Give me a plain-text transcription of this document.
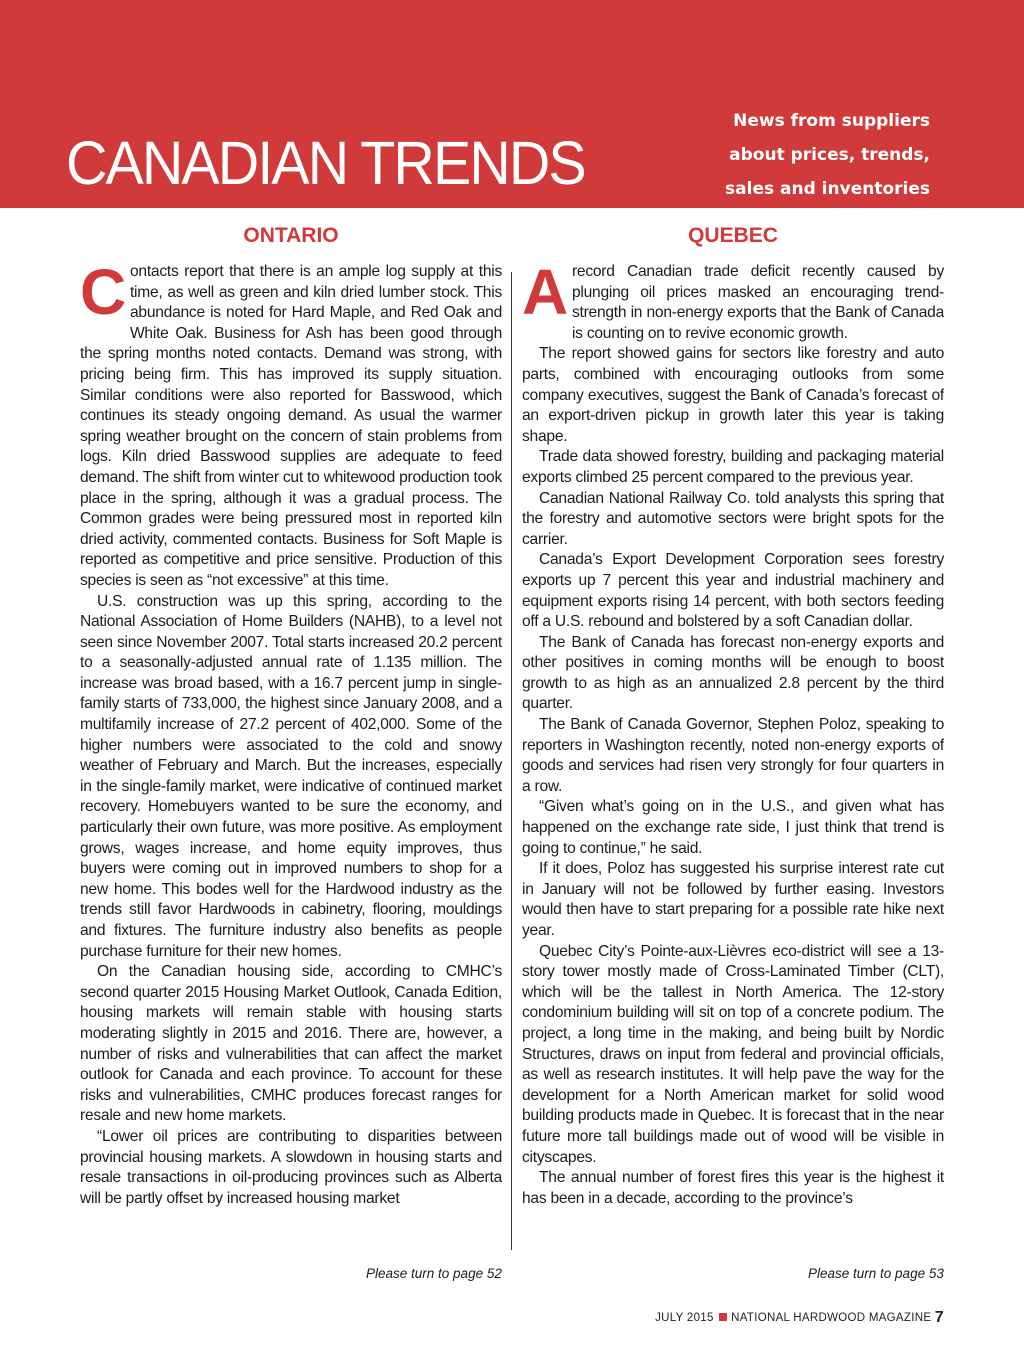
CANADIAN TRENDS
News from suppliers
about prices, trends,
sales and inventories
ONTARIO

Contacts report that there is an ample log supply at this time, as well as green and kiln dried lumber stock. This abundance is noted for Hard Maple, and Red Oak and White Oak. Business for Ash has been good through the spring months noted contacts. Demand was strong, with pricing being firm. This has improved its supply situation. Similar conditions were also reported for Basswood, which continues its steady ongoing demand. As usual the warmer spring weather brought on the concern of stain problems from logs. Kiln dried Basswood supplies are adequate to feed demand. The shift from winter cut to whitewood production took place in the spring, although it was a gradual process. The Common grades were being pressured most in reported kiln dried activity, commented contacts. Business for Soft Maple is reported as competitive and price sensitive. Production of this species is seen as “not excessive” at this time.

U.S. construction was up this spring, according to the National Association of Home Builders (NAHB), to a level not seen since November 2007. Total starts increased 20.2 percent to a seasonally-adjusted annual rate of 1.135 million. The increase was broad based, with a 16.7 percent jump in single-family starts of 733,000, the highest since January 2008, and a multifamily increase of 27.2 percent of 402,000. Some of the higher numbers were associated to the cold and snowy weather of February and March. But the increases, especially in the single-family market, were indicative of continued market recovery. Homebuyers wanted to be sure the economy, and particularly their own future, was more positive. As employment grows, wages increase, and home equity improves, thus buyers were coming out in improved numbers to shop for a new home. This bodes well for the Hardwood industry as the trends still favor Hardwoods in cabinetry, flooring, mouldings and fixtures. The furniture industry also benefits as people purchase furniture for their new homes.

On the Canadian housing side, according to CMHC’s second quarter 2015 Housing Market Outlook, Canada Edition, housing markets will remain stable with housing starts moderating slightly in 2015 and 2016. There are, however, a number of risks and vulnerabilities that can affect the market outlook for Canada and each province. To account for these risks and vulnerabilities, CMHC produces forecast ranges for resale and new home markets.

“Lower oil prices are contributing to disparities between provincial housing markets. A slowdown in housing starts and resale transactions in oil-producing provinces such as Alberta will be partly offset by increased housing market

QUEBEC

Arecord Canadian trade deficit recently caused by plunging oil prices masked an encouraging trend-strength in non-energy exports that the Bank of Canada is counting on to revive economic growth.

The report showed gains for sectors like forestry and auto parts, combined with encouraging outlooks from some company executives, suggest the Bank of Canada’s forecast of an export-driven pickup in growth later this year is taking shape.

Trade data showed forestry, building and packaging material exports climbed 25 percent compared to the previous year.

Canadian National Railway Co. told analysts this spring that the forestry and automotive sectors were bright spots for the carrier.

Canada’s Export Development Corporation sees forestry exports up 7 percent this year and industrial machinery and equipment exports rising 14 percent, with both sectors feeding off a U.S. rebound and bolstered by a soft Canadian dollar.

The Bank of Canada has forecast non-energy exports and other positives in coming months will be enough to boost growth to as high as an annualized 2.8 percent by the third quarter.

The Bank of Canada Governor, Stephen Poloz, speaking to reporters in Washington recently, noted non-energy exports of goods and services had risen very strongly for four quarters in a row.

“Given what’s going on in the U.S., and given what has happened on the exchange rate side, I just think that trend is going to continue,” he said.

If it does, Poloz has suggested his surprise interest rate cut in January will not be followed by further easing. Investors would then have to start preparing for a possible rate hike next year.

Quebec City’s Pointe-aux-Lièvres eco-district will see a 13-story tower mostly made of Cross-Laminated Timber (CLT), which will be the tallest in North America. The 12-story condominium building will sit on top of a concrete podium. The project, a long time in the making, and being built by Nordic Structures, draws on input from federal and provincial officials, as well as research institutes. It will help pave the way for the development for a North American market for solid wood building products made in Quebec. It is forecast that in the near future more tall buildings made out of wood will be visible in cityscapes.

The annual number of forest fires this year is the highest it has been in a decade, according to the province’s

Please turn to page 52	Please turn to page 53
JULY 2015 NATIONAL HARDWOOD MAGAZINE 7
